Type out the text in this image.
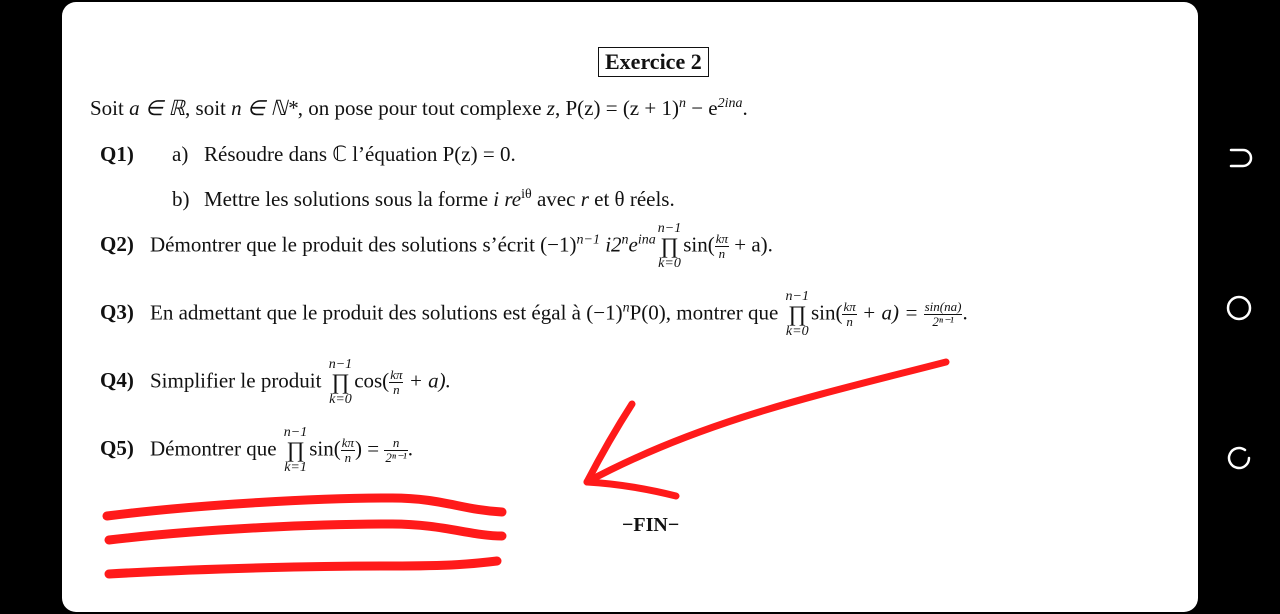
Exercice 2
Soit a ∈ ℝ, soit n ∈ ℕ*, on pose pour tout complexe z, $P(z) = (z + 1)^n - e^{2ina}$.
Q1) a) Résoudre dans ℂ l’équation P(z) = 0.
b) Mettre les solutions sous la forme i $re^{i\theta}$ avec r et θ réels.
Q2) Démontrer que le produit des solutions s’écrit $(-1)^{n-1}$ $i2^ne^{ina}$
n−1
∏
k=0
$\sin( \frac{k\pi}{n} + a)$.
Q3) En admettant que le produit des solutions est égal à $(-1)^nP(0)$, montrer que
n−1
∏
k=0
$\sin( \frac{k\pi}{n} + a) = \frac{\sin(na)}{\text{2ⁿ⁻¹}}$ .
Q4) Simplifier le produit
n−1
∏
k=0
$\cos( \frac{k\pi}{n} + a)$.
Q5) Démontrer que
n−1
∏
k=1
$\sin( \frac{k\pi}{n}$ ) = $\frac{n}{\text{2ⁿ⁻¹}}$ .
−FIN−
